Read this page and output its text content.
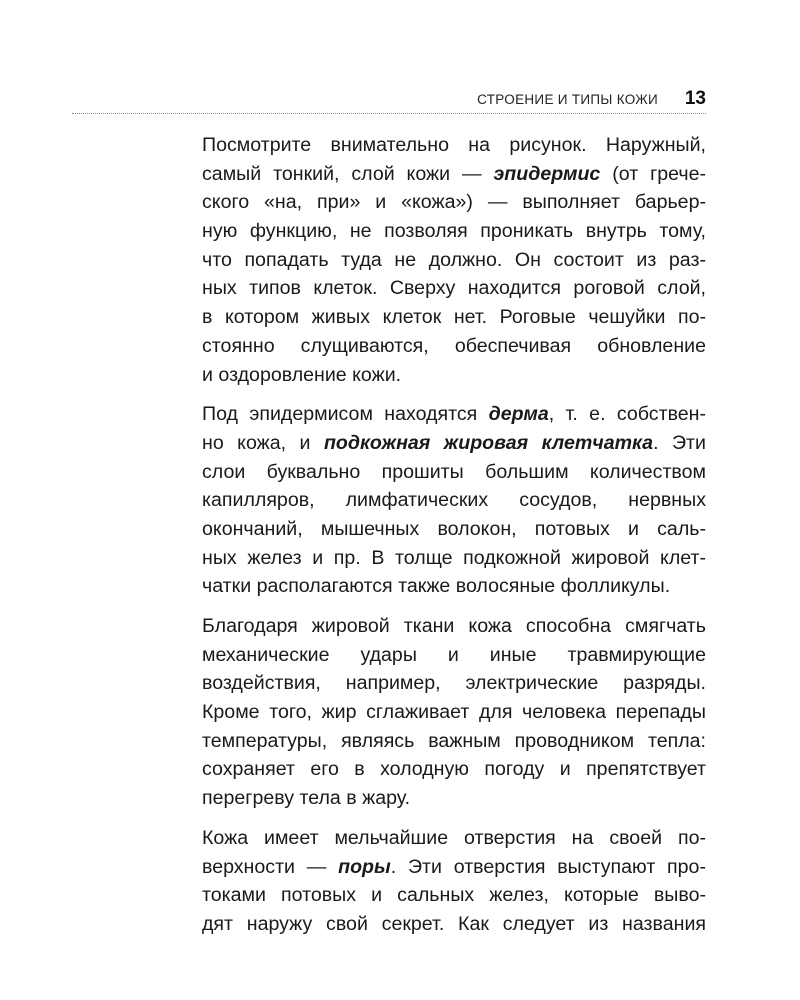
СТРОЕНИЕ И ТИПЫ КОЖИ 13
Посмотрите внимательно на рисунок. Наружный,
самый тонкий, слой кожи — эпидермис (от грече-
ского «на, при» и «кожа») — выполняет барьер-
ную функцию, не позволяя проникать внутрь тому,
что попадать туда не должно. Он состоит из раз-
ных типов клеток. Сверху находится роговой слой,
в котором живых клеток нет. Роговые чешуйки по-
стоянно слущиваются, обеспечивая обновление
и оздоровление кожи.
Под эпидермисом находятся дерма, т. е. собствен-
но кожа, и подкожная жировая клетчатка. Эти
слои буквально прошиты большим количеством
капилляров, лимфатических сосудов, нервных
окончаний, мышечных волокон, потовых и саль-
ных желез и пр. В толще подкожной жировой клет-
чатки располагаются также волосяные фолликулы.
Благодаря жировой ткани кожа способна смягчать
механические удары и иные травмирующие
воздействия, например, электрические разряды.
Кроме того, жир сглаживает для человека перепады
температуры, являясь важным проводником тепла:
сохраняет его в холодную погоду и препятствует
перегреву тела в жару.
Кожа имеет мельчайшие отверстия на своей по-
верхности — поры. Эти отверстия выступают про-
токами потовых и сальных желез, которые выво-
дят наружу свой секрет. Как следует из названия
